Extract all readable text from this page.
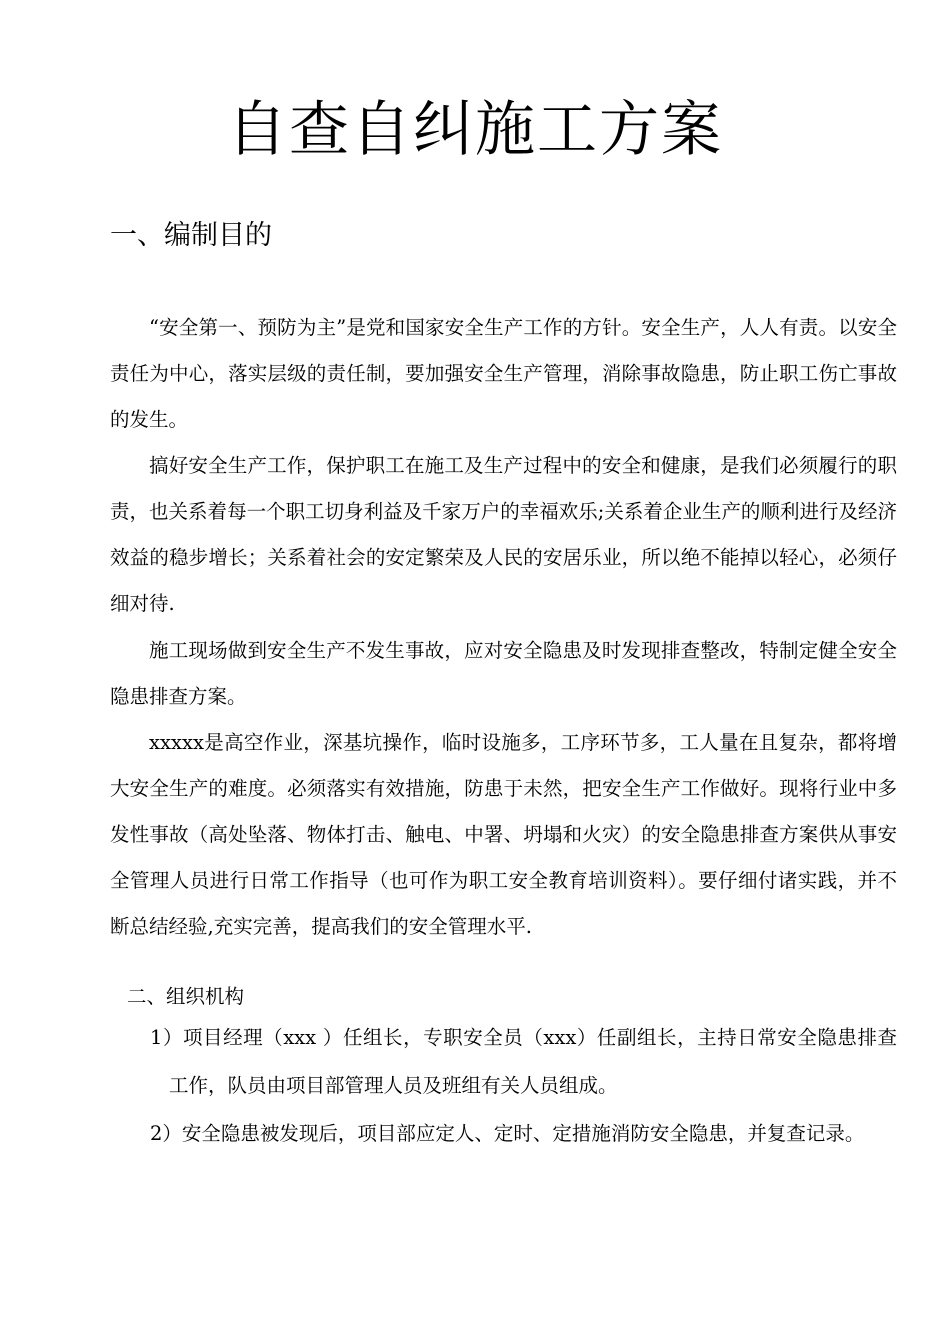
自查自纠施工方案
一、编制目的

“安全第一、预防为主”是党和国家安全生产工作的方针。安全生产，人人有责。以安全责任为中心，落实层级的责任制，要加强安全生产管理，消除事故隐患，防止职工伤亡事故的发生。

搞好安全生产工作，保护职工在施工及生产过程中的安全和健康，是我们必须履行的职责，也关系着每一个职工切身利益及千家万户的幸福欢乐;关系着企业生产的顺利进行及经济效益的稳步增长；关系着社会的安定繁荣及人民的安居乐业，所以绝不能掉以轻心，必须仔细对待.

施工现场做到安全生产不发生事故，应对安全隐患及时发现排查整改，特制定健全安全隐患排查方案。

xxxxx是高空作业，深基坑操作，临时设施多，工序环节多，工人量在且复杂，都将增大安全生产的难度。必须落实有效措施，防患于未然，把安全生产工作做好。现将行业中多发性事故（高处坠落、物体打击、触电、中署、坍塌和火灾）的安全隐患排查方案供从事安全管理人员进行日常工作指导（也可作为职工安全教育培训资料）。要仔细付诸实践，并不断总结经验,充实完善，提高我们的安全管理水平.

二、组织机构

1）项目经理（xxx ）任组长，专职安全员（xxx）任副组长，主持日常安全隐患排查工作，队员由项目部管理人员及班组有关人员组成。

2）安全隐患被发现后，项目部应定人、定时、定措施消防安全隐患，并复查记录。
